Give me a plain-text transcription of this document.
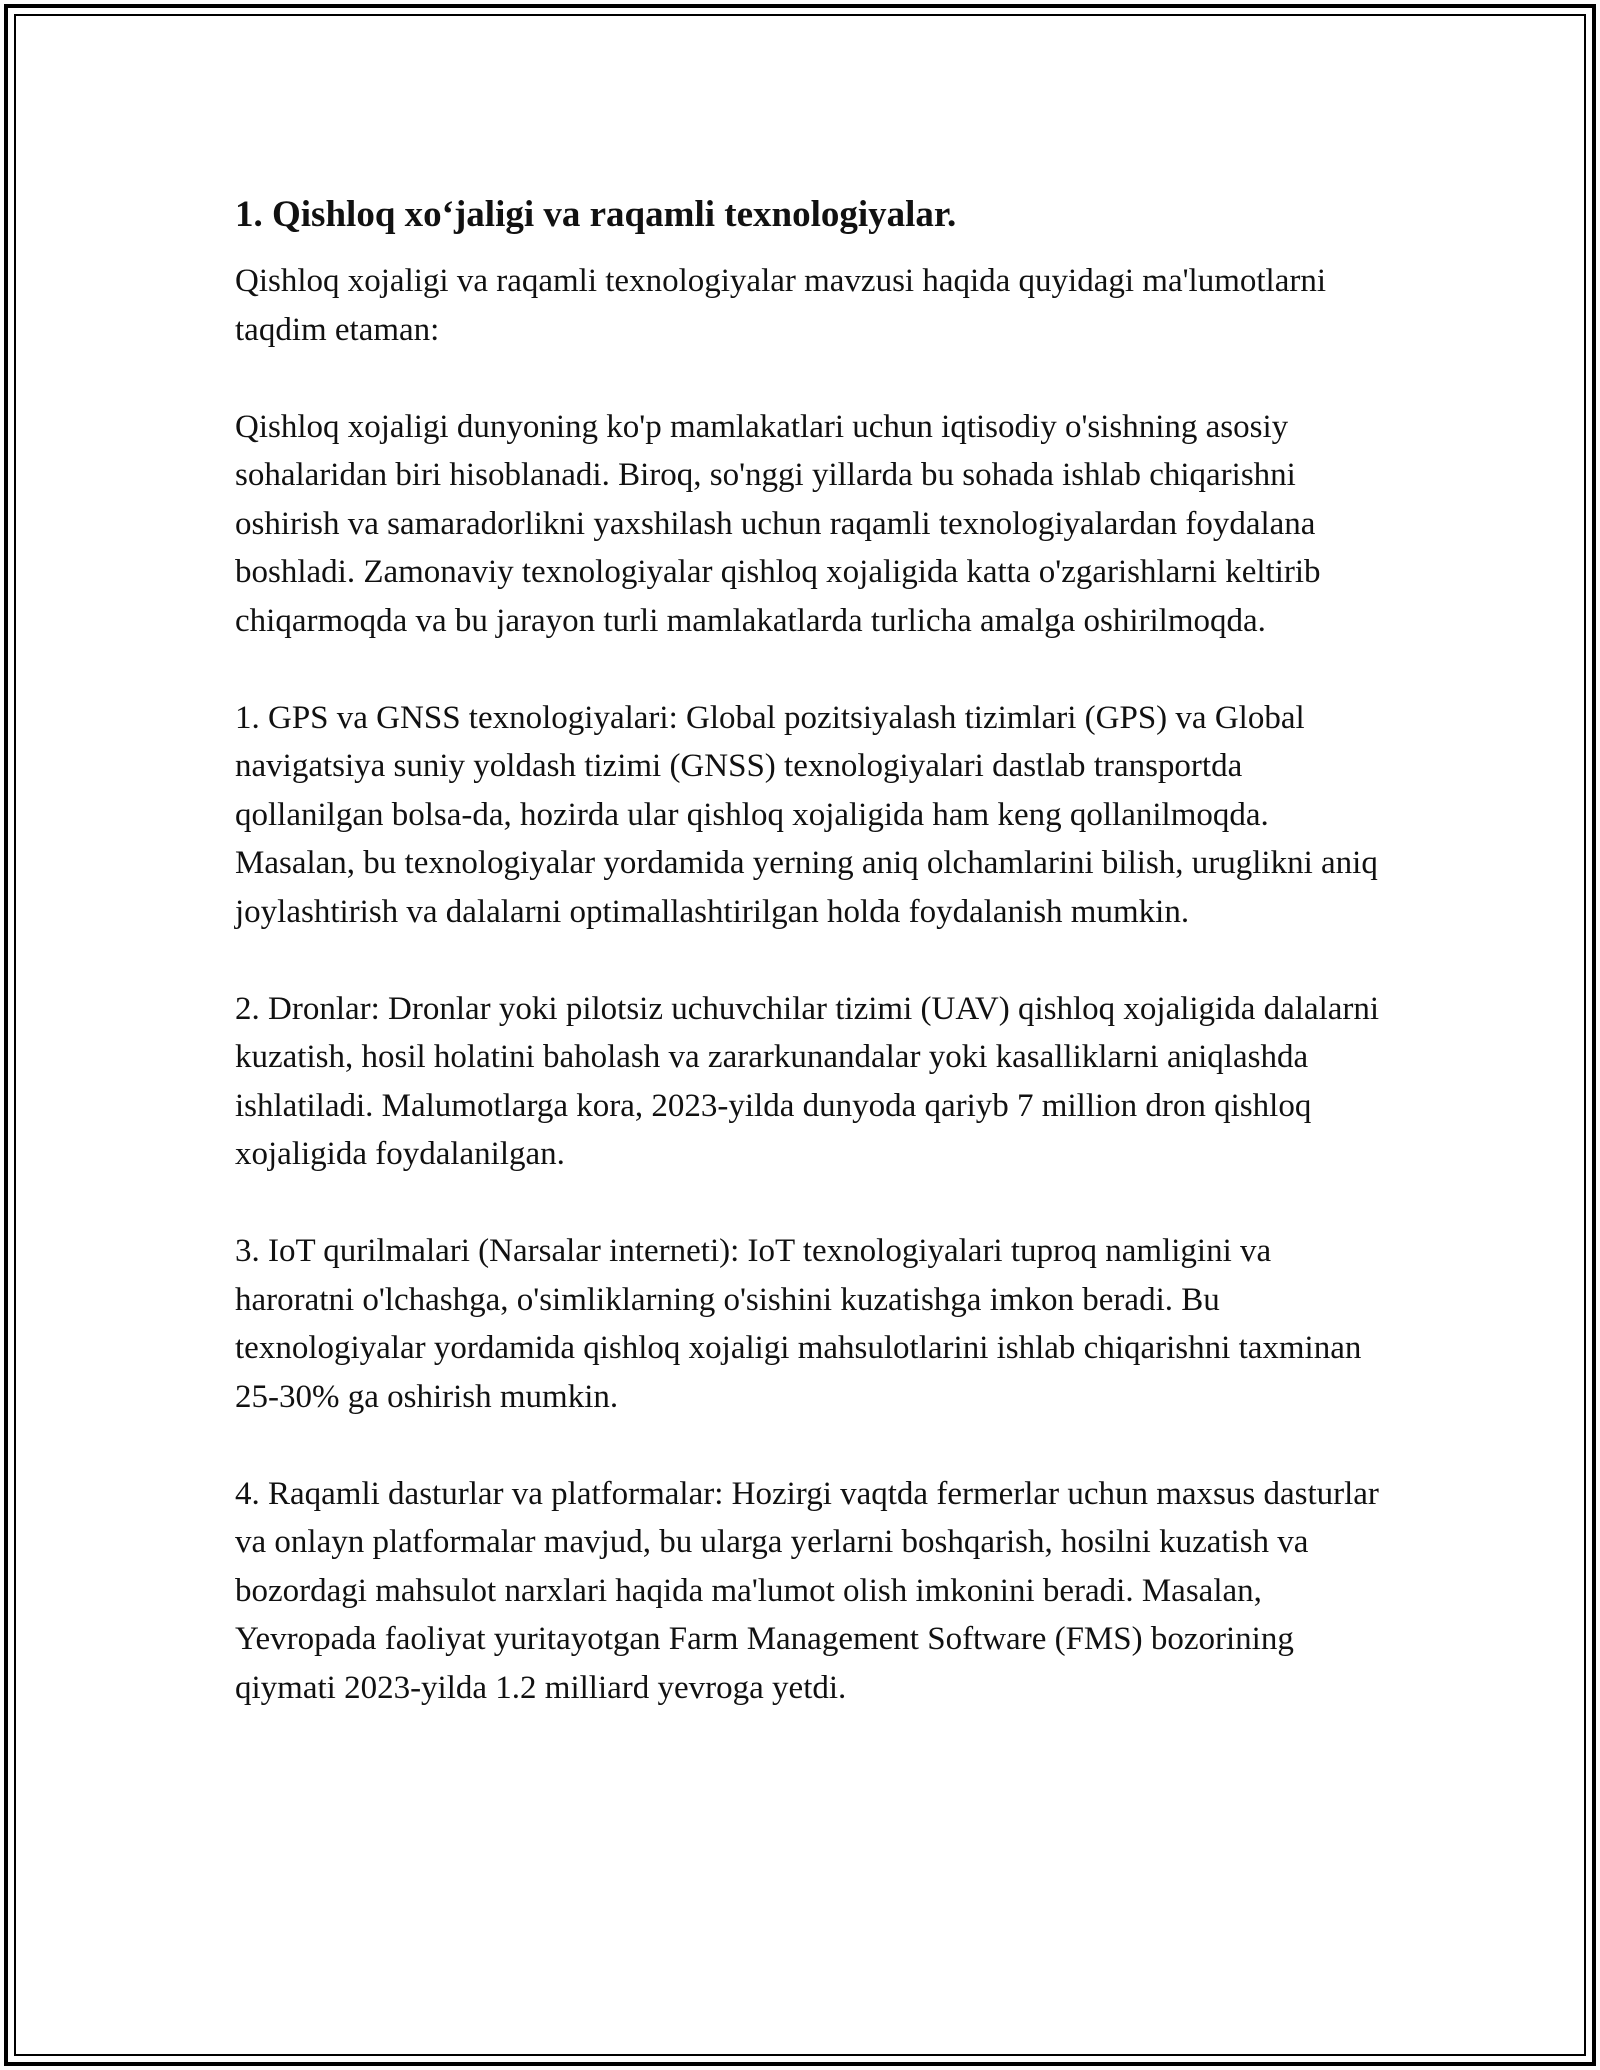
1. Qishloq xo‘jaligi va raqamli texnologiyalar.

Qishloq xojaligi va raqamli texnologiyalar mavzusi haqida quyidagi ma'lumotlarni taqdim etaman:

Qishloq xojaligi dunyoning ko'p mamlakatlari uchun iqtisodiy o'sishning asosiy sohalaridan biri hisoblanadi. Biroq, so'nggi yillarda bu sohada ishlab chiqarishni oshirish va samaradorlikni yaxshilash uchun raqamli texnologiyalardan foydalana boshladi. Zamonaviy texnologiyalar qishloq xojaligida katta o'zgarishlarni keltirib chiqarmoqda va bu jarayon turli mamlakatlarda turlicha amalga oshirilmoqda.

1. GPS va GNSS texnologiyalari: Global pozitsiyalash tizimlari (GPS) va Global navigatsiya suniy yoldash tizimi (GNSS) texnologiyalari dastlab transportda qollanilgan bolsa-da, hozirda ular qishloq xojaligida ham keng qollanilmoqda. Masalan, bu texnologiyalar yordamida yerning aniq olchamlarini bilish, uruglikni aniq joylashtirish va dalalarni optimallashtirilgan holda foydalanish mumkin.

2. Dronlar: Dronlar yoki pilotsiz uchuvchilar tizimi (UAV) qishloq xojaligida dalalarni kuzatish, hosil holatini baholash va zararkunandalar yoki kasalliklarni aniqlashda ishlatiladi. Malumotlarga kora, 2023-yilda dunyoda qariyb 7 million dron qishloq xojaligida foydalanilgan.

3. IoT qurilmalari (Narsalar interneti): IoT texnologiyalari tuproq namligini va haroratni o'lchashga, o'simliklarning o'sishini kuzatishga imkon beradi. Bu texnologiyalar yordamida qishloq xojaligi mahsulotlarini ishlab chiqarishni taxminan 25-30% ga oshirish mumkin.

4. Raqamli dasturlar va platformalar: Hozirgi vaqtda fermerlar uchun maxsus dasturlar va onlayn platformalar mavjud, bu ularga yerlarni boshqarish, hosilni kuzatish va bozordagi mahsulot narxlari haqida ma'lumot olish imkonini beradi. Masalan, Yevropada faoliyat yuritayotgan Farm Management Software (FMS) bozorining qiymati 2023-yilda 1.2 milliard yevroga yetdi.
